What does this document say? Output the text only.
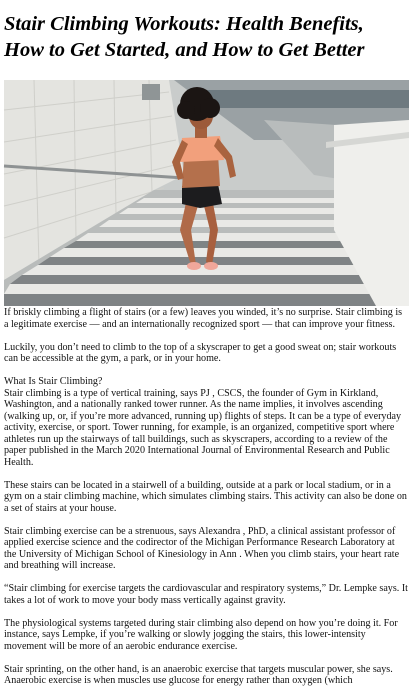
Stair Climbing Workouts: Health Benefits, How to Get Started, and How to Get Better

If briskly climbing a flight of stairs (or a few) leaves you winded, it’s no surprise. Stair climbing is a legitimate exercise — and an internationally recognized sport — that can improve your fitness.

Luckily, you don’t need to climb to the top of a skyscraper to get a good sweat on; stair workouts can be accessible at the gym, a park, or in your home.

What Is Stair Climbing?

Stair climbing is a type of vertical training, says PJ , CSCS, the founder of Gym in Kirkland, Washington, and a nationally ranked tower runner. As the name implies, it involves ascending (walking up, or, if you’re more advanced, running up) flights of steps. It can be a type of everyday activity, exercise, or sport. Tower running, for example, is an organized, competitive sport where athletes run up the stairways of tall buildings, such as skyscrapers, according to a review of the paper published in the March 2020 International Journal of Environmental Research and Public Health.

These stairs can be located in a stairwell of a building, outside at a park or local stadium, or in a gym on a stair climbing machine, which simulates climbing stairs. This activity can also be done on a set of stairs at your house.

Stair climbing exercise can be a strenuous, says Alexandra , PhD, a clinical assistant professor of applied exercise science and the codirector of the Michigan Performance Research Laboratory at the University of Michigan School of Kinesiology in Ann . When you climb stairs, your heart rate and breathing will increase.

“Stair climbing for exercise targets the cardiovascular and respiratory systems,” Dr. Lempke says. It takes a lot of work to move your body mass vertically against gravity.

The physiological systems targeted during stair climbing also depend on how you’re doing it. For instance, says Lempke, if you’re walking or slowly jogging the stairs, this lower-intensity movement will be more of an aerobic endurance exercise.

Stair sprinting, on the other hand, is an anaerobic exercise that targets muscular power, she says. Anaerobic exercise is when muscles use glucose for energy rather than oxygen (which
